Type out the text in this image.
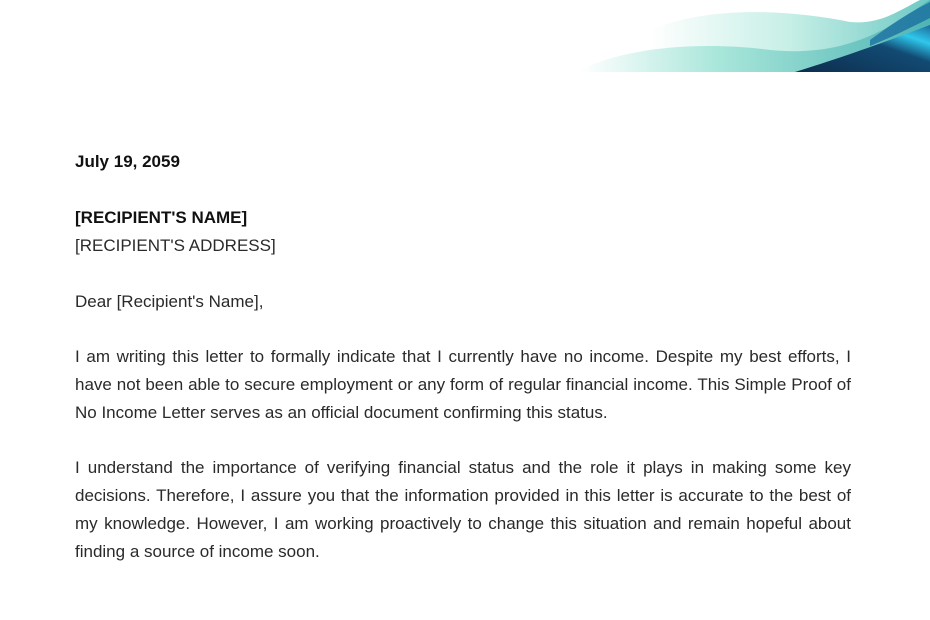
July 19, 2059

[RECIPIENT'S NAME]

[RECIPIENT'S ADDRESS]

Dear [Recipient's Name],

I am writing this letter to formally indicate that I currently have no income. Despite my best efforts, I have not been able to secure employment or any form of regular financial income. This Simple Proof of No Income Letter serves as an official document confirming this status.

I understand the importance of verifying financial status and the role it plays in making some key decisions. Therefore, I assure you that the information provided in this letter is accurate to the best of my knowledge. However, I am working proactively to change this situation and remain hopeful about finding a source of income soon.
